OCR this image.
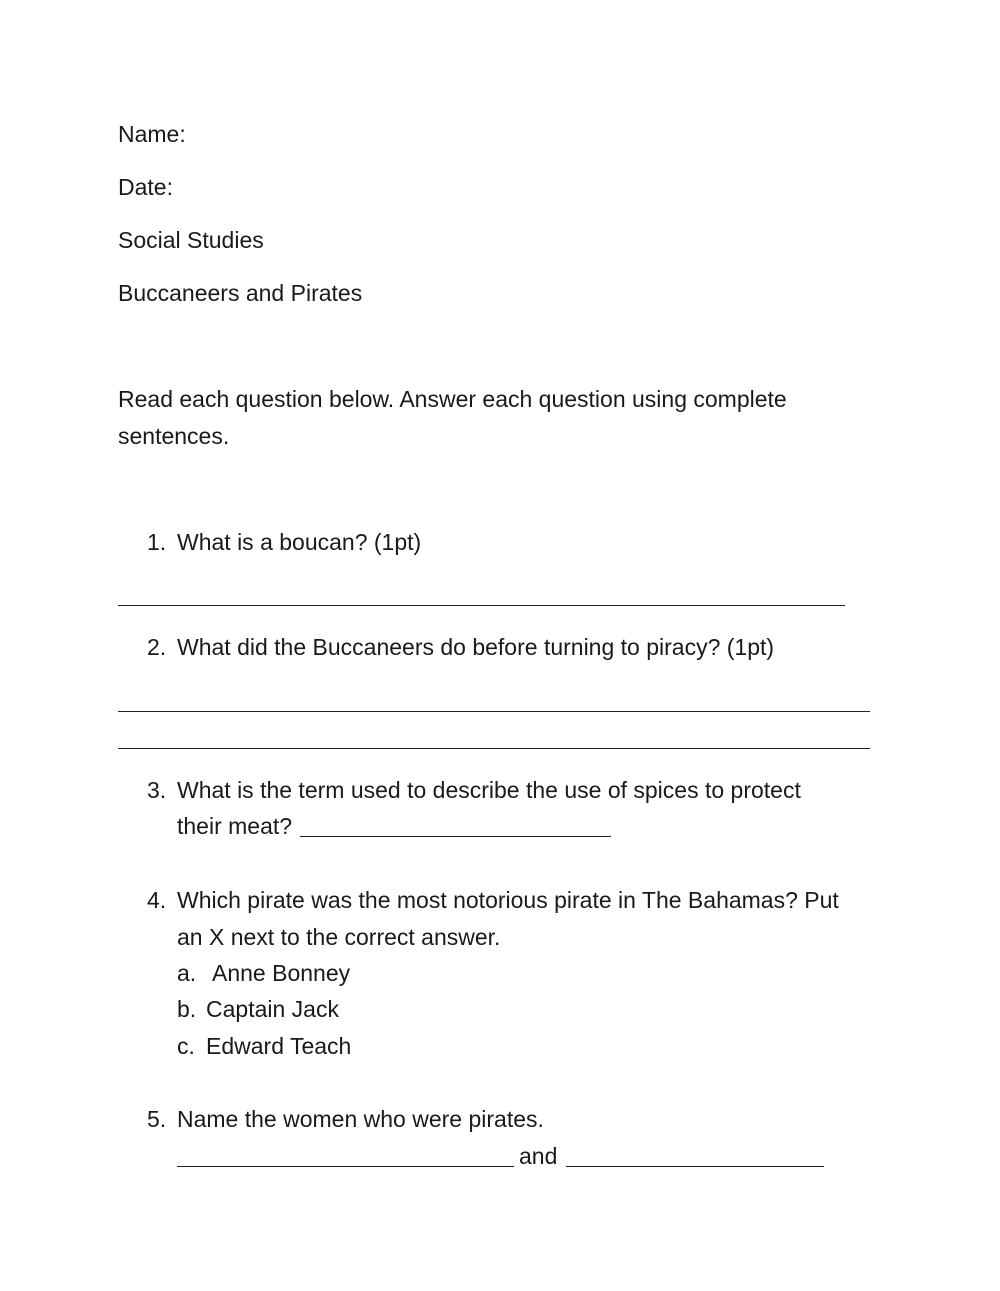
Name:
Date:
Social Studies
Buccaneers and Pirates
Read each question below. Answer each question using complete
sentences.
1. What is a boucan? (1pt)
2. What did the Buccaneers do before turning to piracy? (1pt)
3. What is the term used to describe the use of spices to protect
their meat?
4. Which pirate was the most notorious pirate in The Bahamas? Put
an X next to the correct answer.
a. Anne Bonney
b. Captain Jack
c. Edward Teach
5. Name the women who were pirates.
and
